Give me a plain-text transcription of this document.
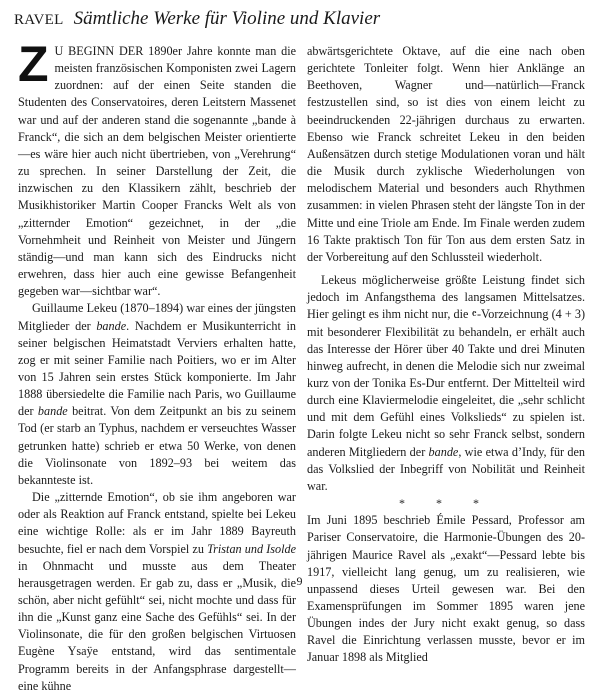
RAVEL Sämtliche Werke für Violine und Klavier

Z U BEGINN DER 1890er Jahre konnte man die meisten französischen Komponisten zwei Lagern zuordnen: auf der einen Seite standen die Studenten des Conservatoires, deren Leitstern Massenet war und auf der anderen stand die sogenannte „bande à Franck“, die sich an dem belgischen Meister orientierte—es wäre hier auch nicht übertrieben, von „Verehrung“ zu sprechen. In seiner Darstellung der Zeit, die inzwischen zu den Klassikern zählt, beschrieb der Musikhistoriker Martin Cooper Francks Welt als von „zitternder Emotion“ gezeichnet, in der „die Vornehmheit und Reinheit von Meister und Jüngern ständig—und man kann sich des Eindrucks nicht erwehren, dass hier auch eine gewisse Befangenheit gegeben war—sichtbar war“.

Guillaume Lekeu (1870–1894) war eines der jüngsten Mitglieder der bande. Nachdem er Musikunterricht in seiner belgischen Heimatstadt Verviers erhalten hatte, zog er mit seiner Familie nach Poitiers, wo er im Alter von 15 Jahren sein erstes Stück komponierte. Im Jahr 1888 übersiedelte die Familie nach Paris, wo Guillaume der bande beitrat. Von dem Zeitpunkt an bis zu seinem Tod (er starb an Typhus, nachdem er verseuchtes Wasser getrunken hatte) schrieb er etwa 50 Werke, von denen die Violinsonate von 1892–93 bei weitem das bekannteste ist.

Die „zitternde Emotion“, ob sie ihm angeboren war oder als Reaktion auf Franck entstand, spielte bei Lekeu eine wichtige Rolle: als er im Jahr 1889 Bayreuth besuchte, fiel er nach dem Vorspiel zu Tristan und Isolde in Ohnmacht und musste aus dem Theater herausgetragen werden. Er gab zu, dass er „Musik, die schön, aber nicht gefühlt“ sei, nicht mochte und dass für ihn die „Kunst ganz eine Sache des Gefühls“ sei. In der Violinsonate, die für den großen belgischen Virtuosen Eugène Ysaÿe entstand, wird das sentimentale Programm bereits in der Anfangsphrase dargestellt—eine kühne

abwärtsgerichtete Oktave, auf die eine nach oben gerichtete Tonleiter folgt. Wenn hier Anklänge an Beethoven, Wagner und—natürlich—Franck festzustellen sind, so ist dies von einem leicht zu beeindruckenden 22-jährigen durchaus zu erwarten. Ebenso wie Franck schreitet Lekeu in den beiden Außensätzen durch stetige Modulationen voran und hält die Musik durch zyklische Wiederholungen von melodischem Material und besonders auch Rhythmen zusammen: in vielen Phrasen steht der längste Ton in der Mitte und eine Triole am Ende. Im Finale werden zudem 16 Takte praktisch Ton für Ton aus dem ersten Satz in der Vorbereitung auf den Schlussteil wiederholt.

Lekeus möglicherweise größte Leistung findet sich jedoch im Anfangsthema des langsamen Mittelsatzes. Hier gelingt es ihm nicht nur, die 𝄴-Vorzeichnung (4 + 3) mit besonderer Flexibilität zu behandeln, er erhält auch das Interesse der Hörer über 40 Takte und drei Minuten hinweg aufrecht, in denen die Melodie sich nur zweimal kurz von der Tonika Es-Dur entfernt. Der Mittelteil wird durch eine Klaviermelodie eingeleitet, die „sehr schlicht und mit dem Gefühl eines Volkslieds“ zu spielen ist. Darin folgte Lekeu nicht so sehr Franck selbst, sondern anderen Mitgliedern der bande, wie etwa d’Indy, für den das Volkslied der Inbegriff von Nobilität und Reinheit war.

* * *

Im Juni 1895 beschrieb Émile Pessard, Professor am Pariser Conservatoire, die Harmonie-Übungen des 20-jährigen Maurice Ravel als „exakt“—Pessard lebte bis 1917, vielleicht lang genug, um zu realisieren, wie unpassend dieses Urteil gewesen war. Bei den Examensprüfungen im Sommer 1895 waren jene Übungen indes der Jury nicht exakt genug, so dass Ravel die Einrichtung verlassen musste, bevor er im Januar 1898 als Mitglied

9
